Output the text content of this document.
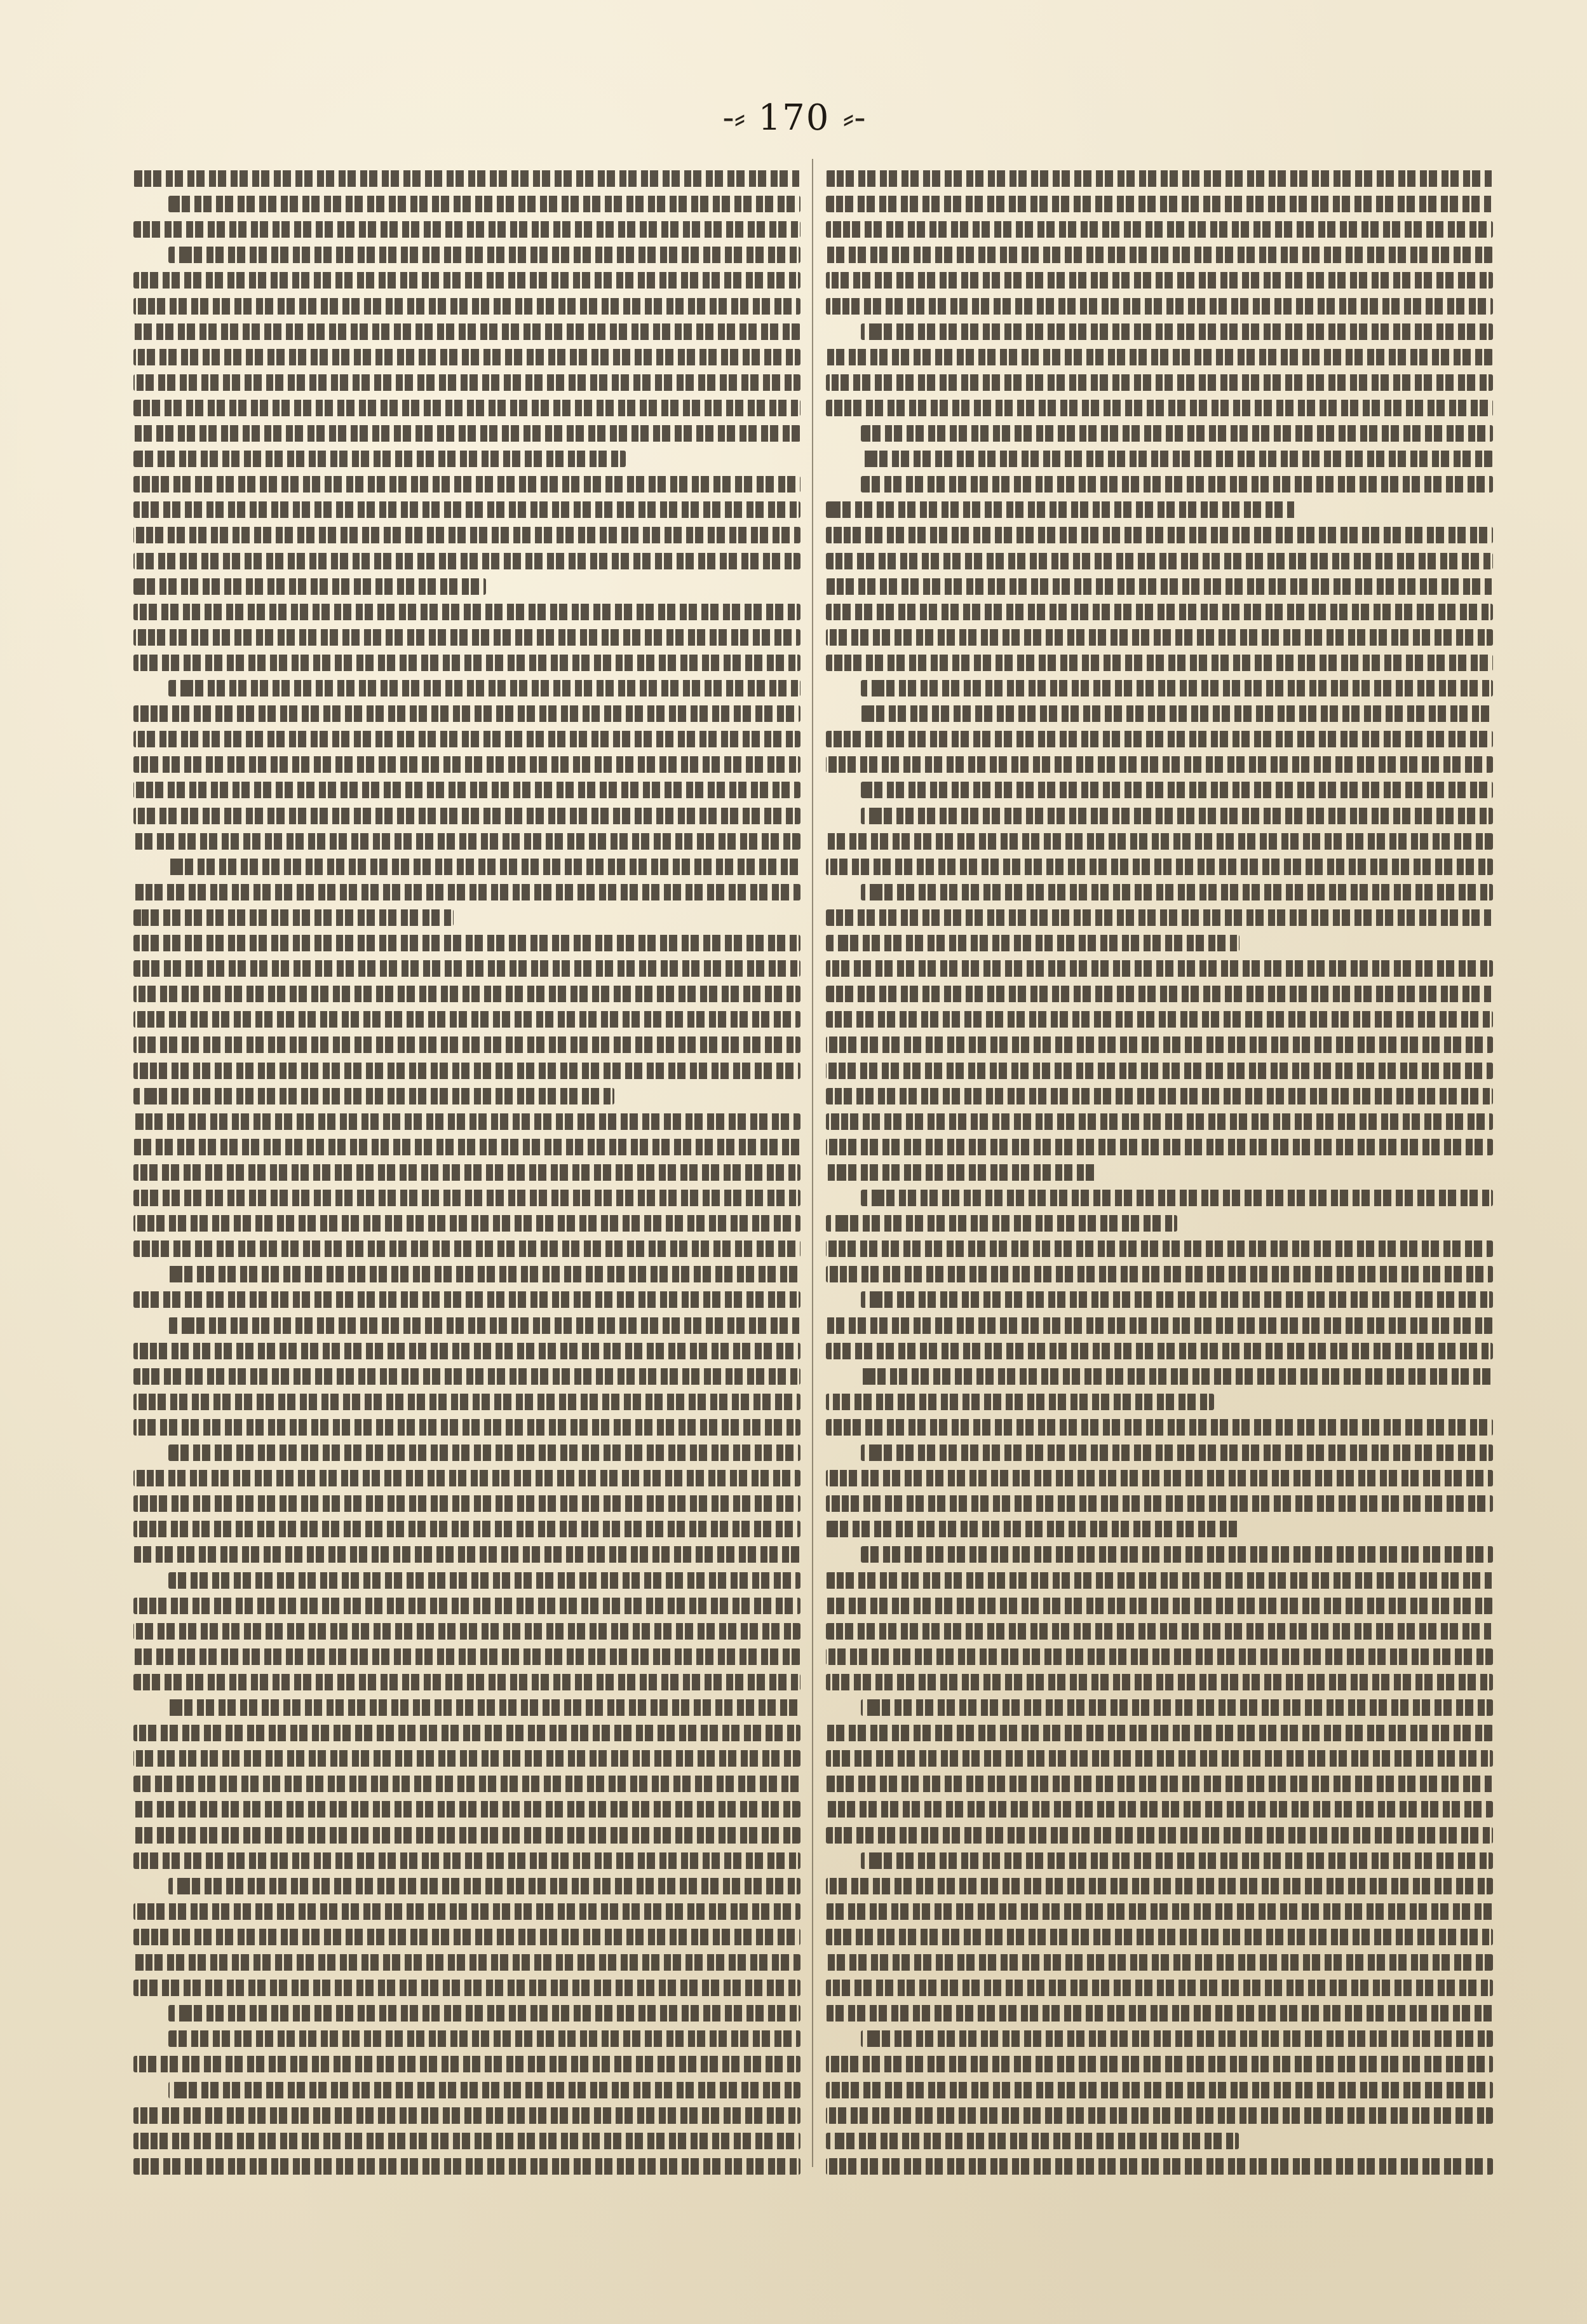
-⸗ 170 ⸗-
